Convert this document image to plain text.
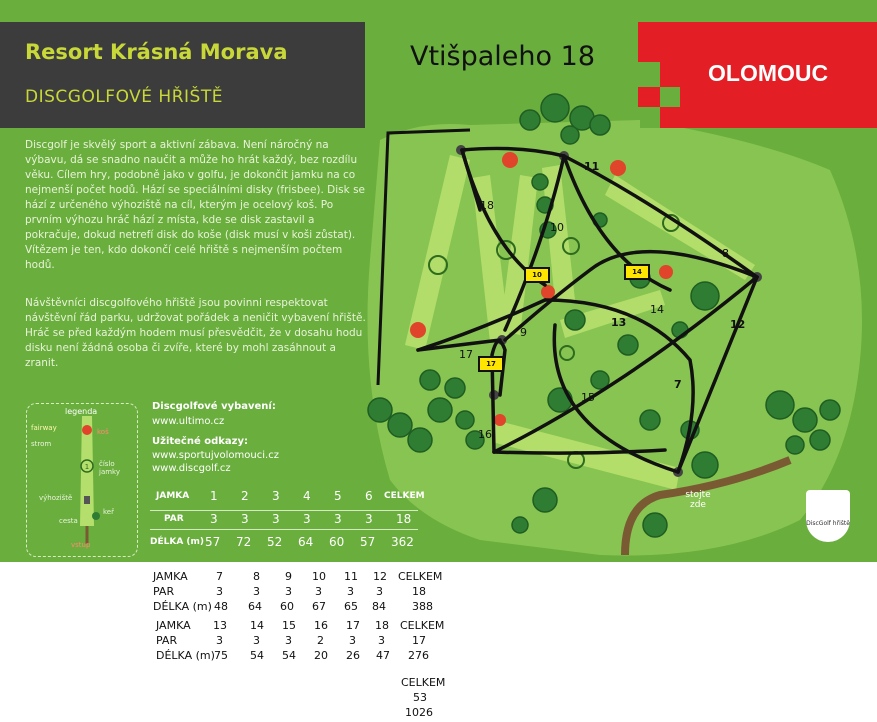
Resort Krásná Morava
DISCGOLFOVÉ HŘIŠTĚ
Vtišpaleho 18
OLOMOUC

Discgolf je skvělý sport a aktivní zábava. Není náročný na výbavu, dá se snadno naučit a může ho hrát každý, bez rozdílu věku. Cílem hry, podobně jako v golfu, je dokončit jamku na co nejmenší počet hodů. Hází se speciálními disky (frisbee). Disk se hází z určeného výhoziště na cíl, kterým je ocelový koš. Po prvním výhozu hráč hází z místa, kde se disk zastavil a pokračuje, dokud netrefí disk do koše (disk musí v koši zůstat). Vítězem je ten, kdo dokončí celé hřiště s nejmenším počtem hodů.

Návštěvníci discgolfového hřiště jsou povinni respektovat návštěvní řád parku, udržovat pořádek a neničit vybavení hřiště. Hráč se před každým hodem musí přesvědčit, že v dosahu hodu disku není žádná osoba či zvíře, které by mohl zasáhnout a zranit.

legenda
1
fairway	koš
strom
číslo jamky
výhoziště
cesta
keř
vstup
Discgolfové vybavení:
www.ultimo.cz
Užitečné odkazy:
www.sportujvolomouci.cz
www.discgolf.cz
JAMKA 1 2 3 4 5 6 CELKEM
PAR 3 3 3 3 3 3 18
DÉLKA (m) 57 72 52 64 60 57 362
11
18
10
8
10	14
14
13	12
9
17
17
15
7
16
stojte zde
DiscGolf hřiště
JAMKA	7	8 9 10 11 12 CELKEM
PAR	3	3 3 3 3 3	18
DÉLKA (m) 48 64 60 67 65 84 388
JAMKA 13 14 15 16 17 18 CELKEM
PAR	3	3 3 2 3 3 17
DÉLKA (m) 75 54 54 20 26 47 276
CELKEM
53
1026
